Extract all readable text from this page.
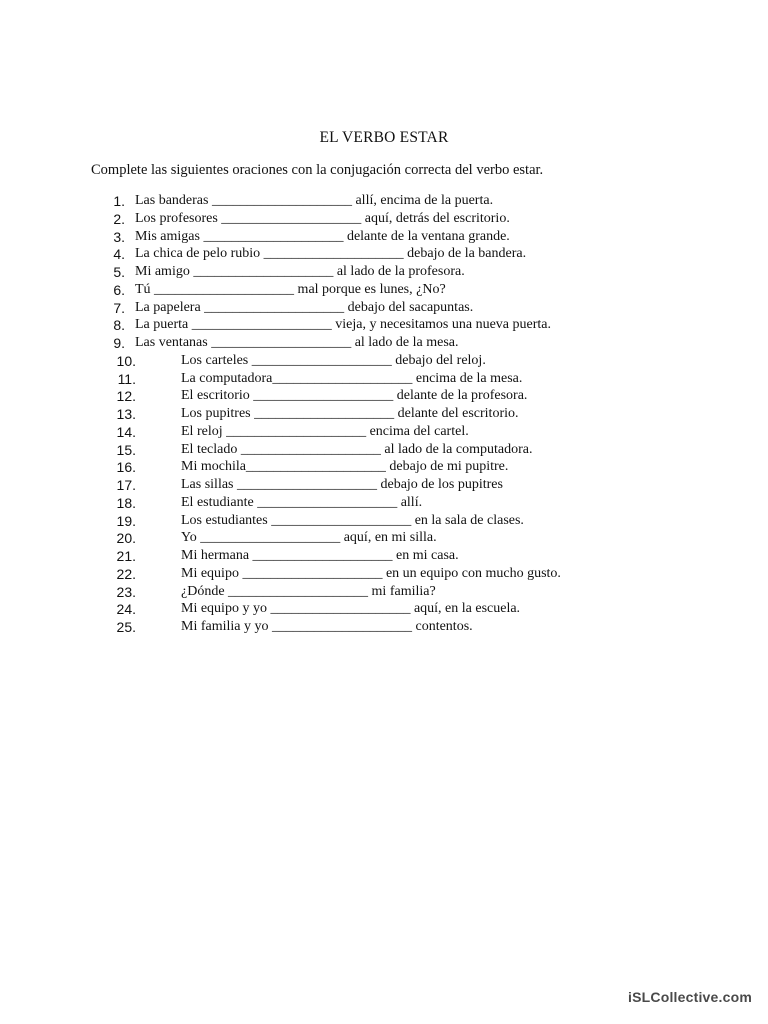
EL VERBO ESTAR
Complete las siguientes oraciones con la conjugación correcta del verbo estar.
1. Las banderas ____________________ allí, encima de la puerta.
2. Los profesores ____________________ aquí, detrás del escritorio.
3. Mis amigas ____________________ delante de la ventana grande.
4. La chica de pelo rubio ____________________ debajo de la bandera.
5. Mi amigo ____________________ al lado de la profesora.
6. Tú ____________________ mal porque es lunes, ¿No?
7. La papelera ____________________ debajo del sacapuntas.
8. La puerta ____________________ vieja, y necesitamos una nueva puerta.
9. Las ventanas ____________________ al lado de la mesa.
10.	Los carteles ____________________ debajo del reloj.
11.	La computadora____________________ encima de la mesa.
12.	El escritorio ____________________ delante de la profesora.
13.	Los pupitres ____________________ delante del escritorio.
14.	El reloj ____________________ encima del cartel.
15.	El teclado ____________________ al lado de la computadora.
16.	Mi mochila____________________ debajo de mi pupitre.
17.	Las sillas ____________________ debajo de los pupitres
18.	El estudiante ____________________ allí.
19.	Los estudiantes ____________________ en la sala de clases.
20.	Yo ____________________ aquí, en mi silla.
21.	Mi hermana ____________________ en mi casa.
22.	Mi equipo ____________________ en un equipo con mucho gusto.
23.	¿Dónde ____________________ mi familia?
24.	Mi equipo y yo ____________________ aquí, en la escuela.
25.	Mi familia y yo ____________________ contentos.
iSLCollective.com
